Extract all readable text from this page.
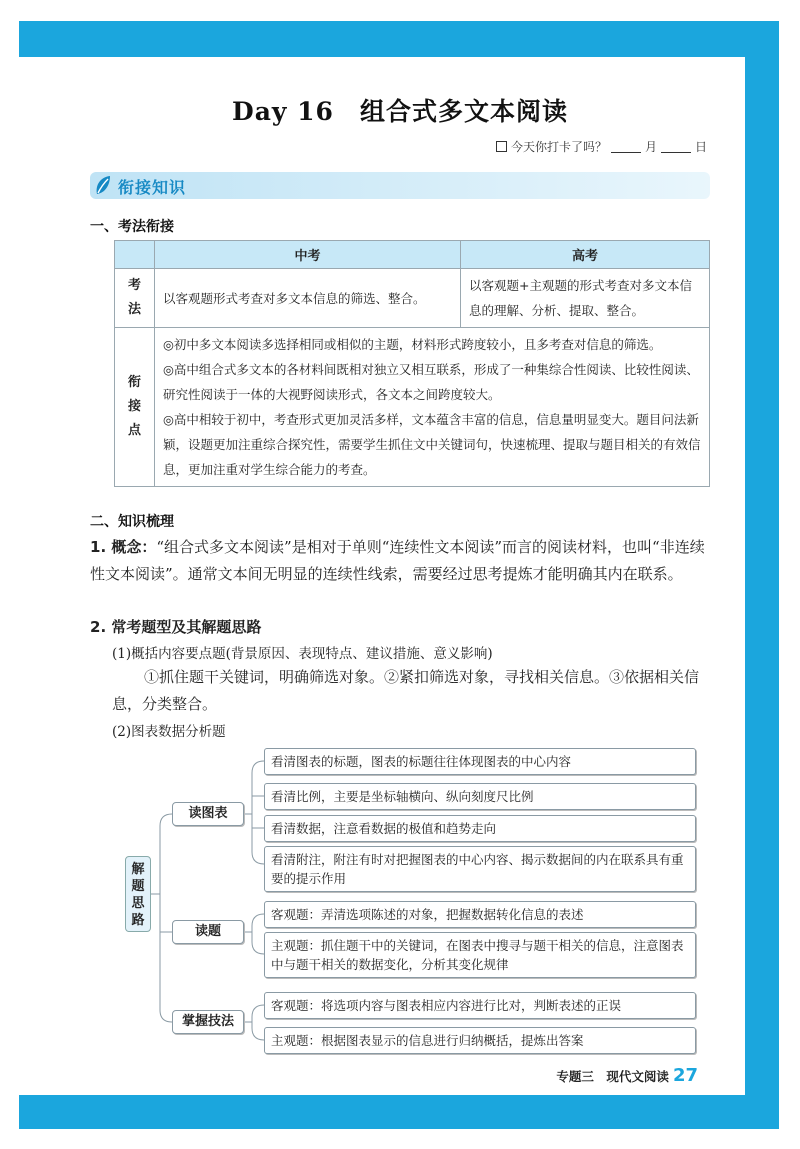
Day 16　组合式多文本阅读
今天你打卡了吗？	月	日
衔接知识
一、考法衔接
	中考	高考
考法	以客观题形式考查对多文本信息的筛选、整合。	以客观题+主观题的形式考查对多文本信息的理解、分析、提取、整合。
衔接点	◎初中多文本阅读多选择相同或相似的主题，材料形式跨度较小，且多考查对信息的筛选。

◎高中组合式多文本的各材料间既相对独立又相互联系，形成了一种集综合性阅读、比较性阅读、研究性阅读于一体的大视野阅读形式，各文本之间跨度较大。

◎高中相较于初中，考查形式更加灵活多样，文本蕴含丰富的信息，信息量明显变大。题目问法新颖，设题更加注重综合探究性，需要学生抓住文中关键词句，快速梳理、提取与题目相关的有效信息，更加注重对学生综合能力的考查。	

二、知识梳理
1. 概念：“组合式多文本阅读”是相对于单则“连续性文本阅读”而言的阅读材料，也叫“非连续性文本阅读”。通常文本间无明显的连续性线索，需要经过思考提炼才能明确其内在联系。
2. 常考题型及其解题思路
(1)概括内容要点题(背景原因、表现特点、建议措施、意义影响)
①抓住题干关键词，明确筛选对象。②紧扣筛选对象，寻找相关信息。③依据相关信息，分类整合。
(2)图表数据分析题
解题思路
读图表
读题
掌握技法
看清图表的标题，图表的标题往往体现图表的中心内容
看清比例，主要是坐标轴横向、纵向刻度尺比例
看清数据，注意看数据的极值和趋势走向
看清附注，附注有时对把握图表的中心内容、揭示数据间的内在联系具有重要的提示作用
客观题：弄清选项陈述的对象，把握数据转化信息的表述
主观题：抓住题干中的关键词，在图表中搜寻与题干相关的信息，注意图表中与题干相关的数据变化，分析其变化规律
客观题：将选项内容与图表相应内容进行比对，判断表述的正误
主观题：根据图表显示的信息进行归纳概括，提炼出答案
专题三　现代文阅读 27
